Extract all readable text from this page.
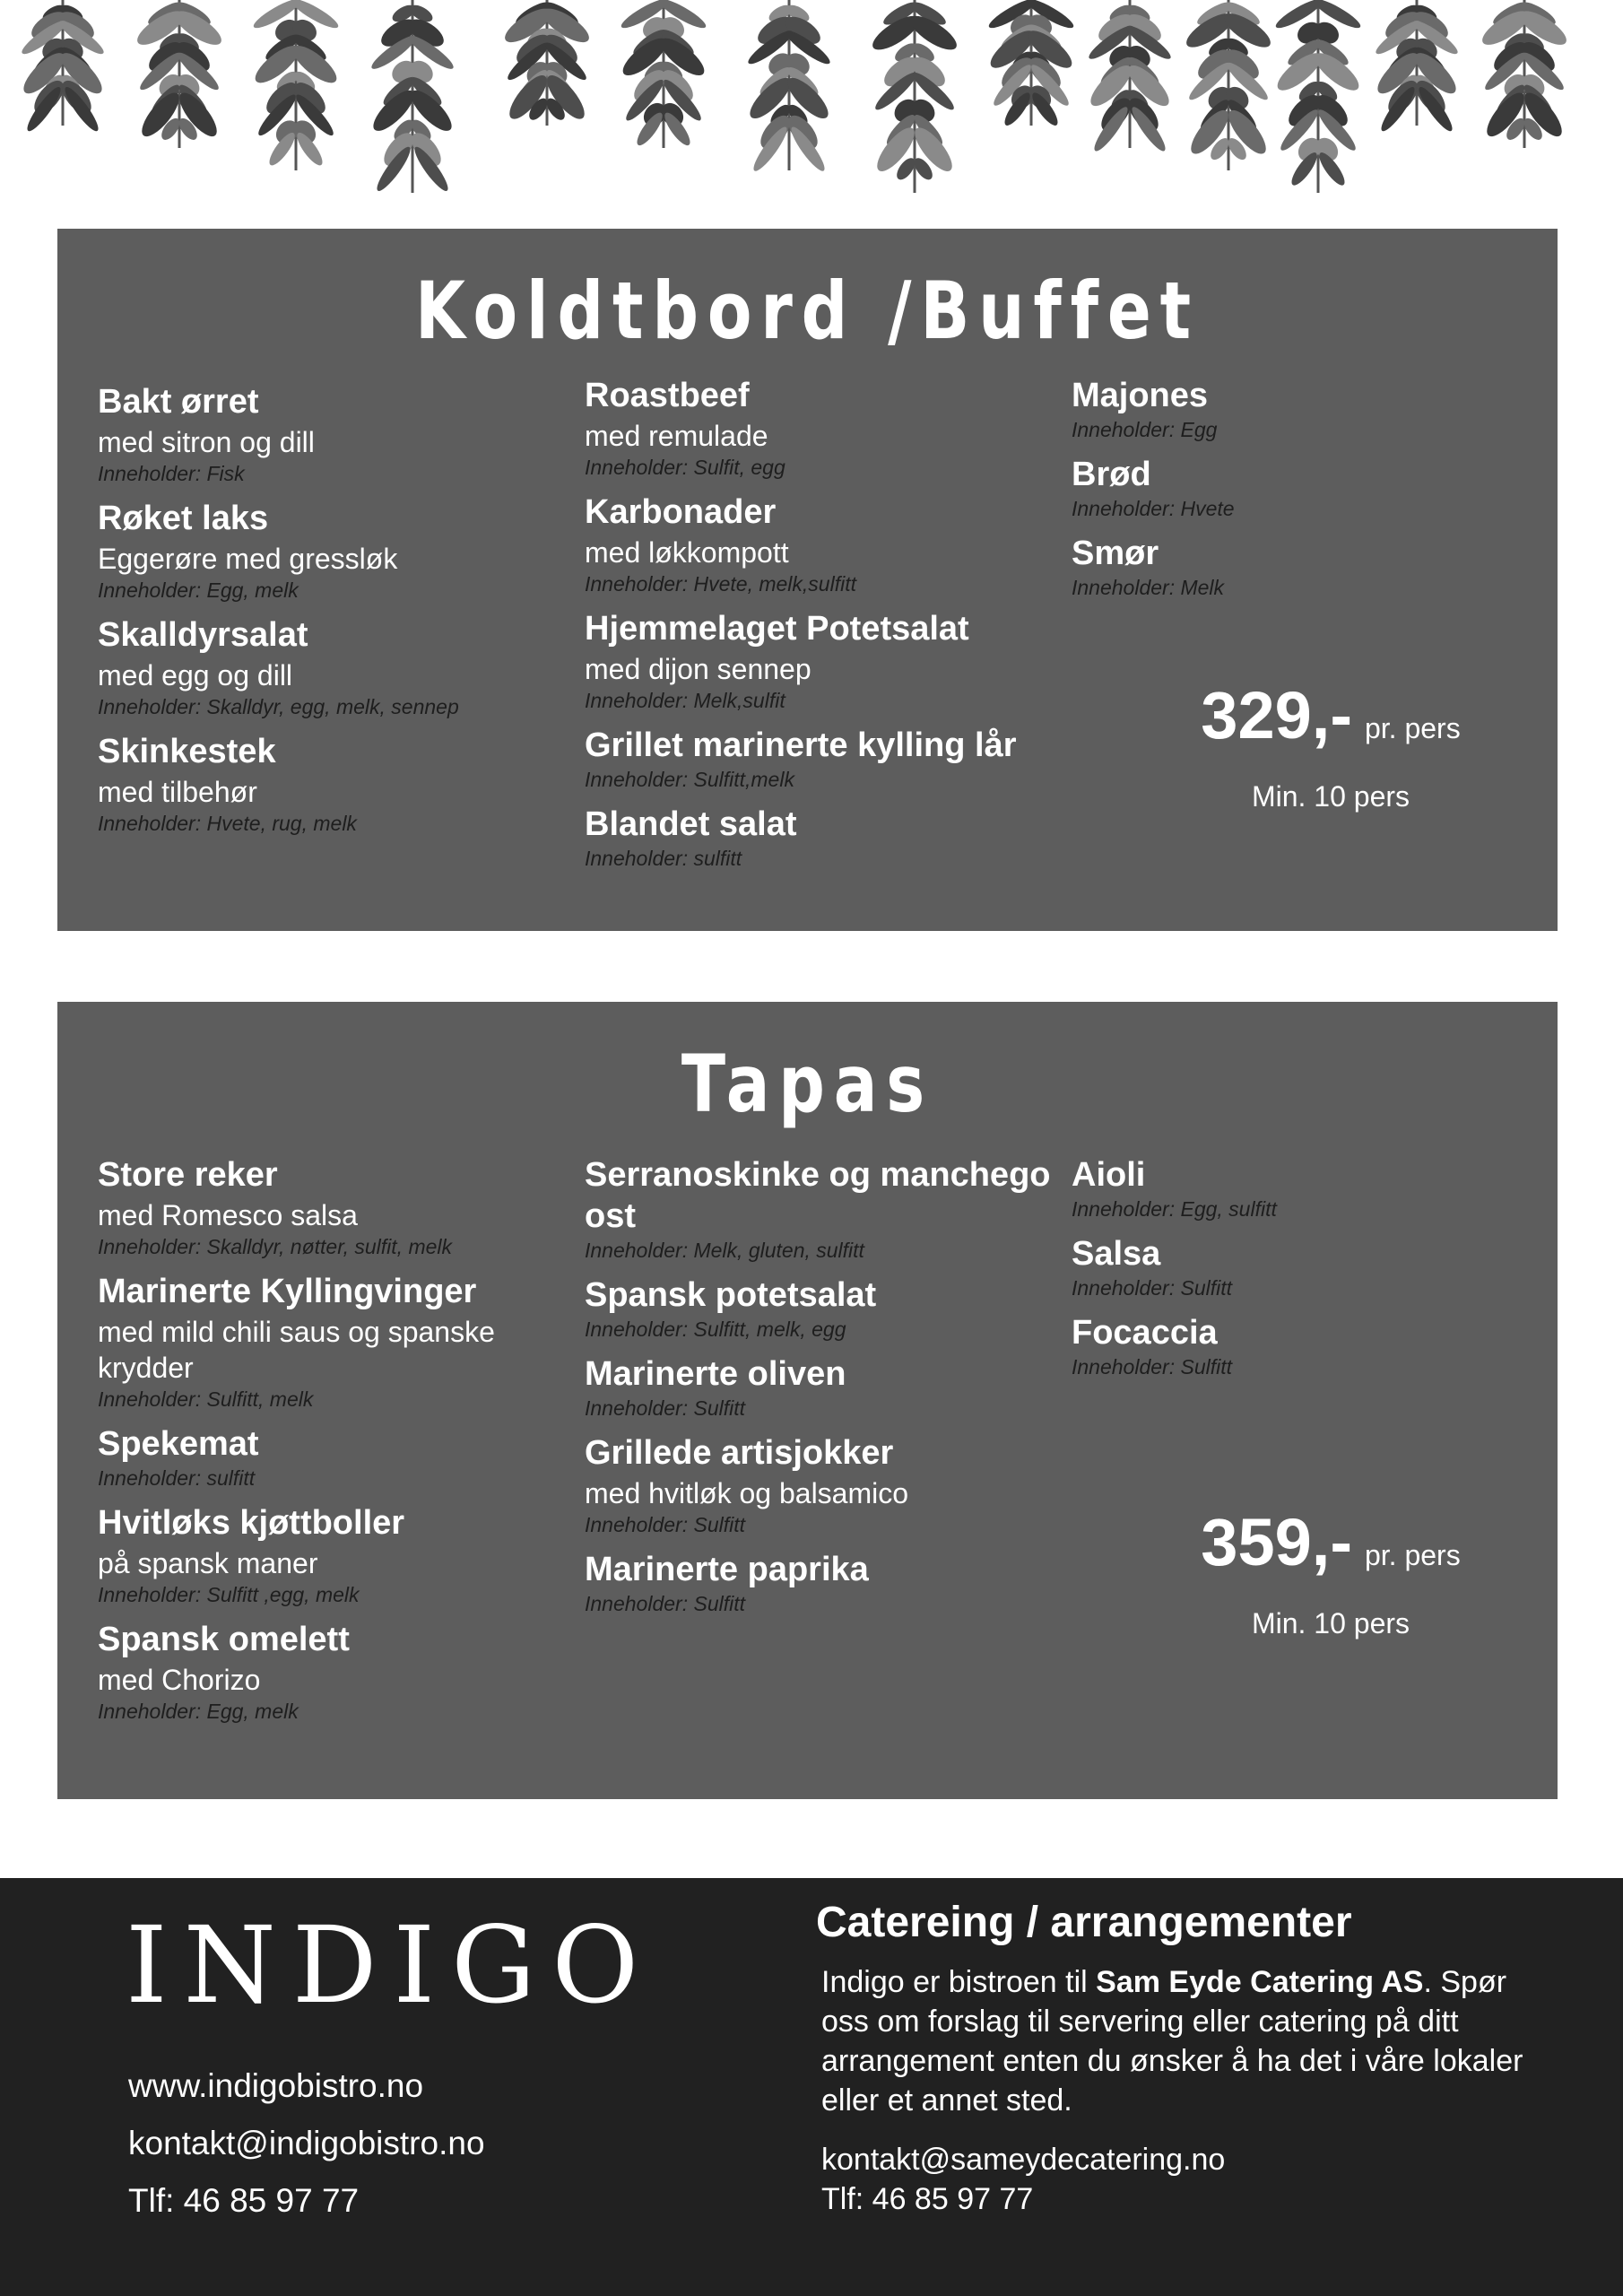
Koldtbord /Buffet
Bakt ørret
med sitron og dill
Inneholder: Fisk
Røket laks
Eggerøre med gressløk
Inneholder: Egg, melk
Skalldyrsalat
med egg og dill
Inneholder: Skalldyr, egg, melk, sennep
Skinkestek
med tilbehør
Inneholder: Hvete, rug, melk
Roastbeef
med remulade
Inneholder: Sulfit, egg
Karbonader
med løkkompott
Inneholder: Hvete, melk,sulfitt
Hjemmelaget Potetsalat
med dijon sennep
Inneholder: Melk,sulfit
Grillet marinerte kylling lår
Inneholder: Sulfitt,melk
Blandet salat
Inneholder: sulfitt
Majones
Inneholder: Egg
Brød
Inneholder: Hvete
Smør
Inneholder: Melk
329,- pr. pers
Min. 10 pers
Tapas
Store reker
med Romesco salsa
Inneholder: Skalldyr, nøtter, sulfit, melk
Marinerte Kyllingvinger
med mild chili saus og spanske krydder
Inneholder: Sulfitt, melk
Spekemat
Inneholder: sulfitt
Hvitløks kjøttboller
på spansk maner
Inneholder: Sulfitt ,egg, melk
Spansk omelett
med Chorizo
Inneholder: Egg, melk
Serranoskinke og manchego ost
Inneholder: Melk, gluten, sulfitt
Spansk potetsalat
Inneholder: Sulfitt, melk, egg
Marinerte oliven
Inneholder: Sulfitt
Grillede artisjokker
med hvitløk og balsamico
Inneholder: Sulfitt
Marinerte paprika
Inneholder: Sulfitt
Aioli
Inneholder: Egg, sulfitt
Salsa
Inneholder: Sulfitt
Focaccia
Inneholder: Sulfitt
359,- pr. pers
Min. 10 pers
INDIGO
www.indigobistro.no
kontakt@indigobistro.no
Tlf: 46 85 97 77
Catereing / arrangementer

Indigo er bistroen til Sam Eyde Catering AS. Spør oss om forslag til servering eller catering på ditt arrangement enten du ønsker å ha det i våre lokaler eller et annet sted.

kontakt@sameydecatering.no
Tlf: 46 85 97 77
